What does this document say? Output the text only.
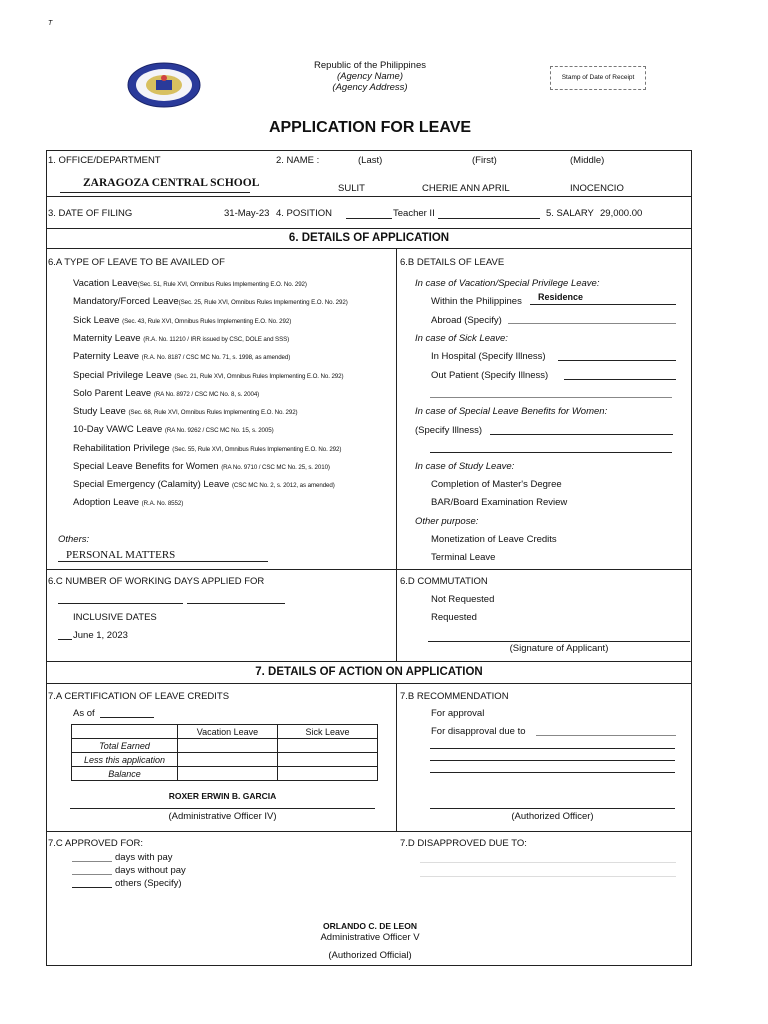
T
Republic of the Philippines
(Agency Name)
(Agency Address)
Stamp of Date of Receipt
APPLICATION FOR LEAVE
1. OFFICE/DEPARTMENT
ZARAGOZA CENTRAL SCHOOL
2. NAME :	(Last)	(First)	(Middle)
SULIT	CHERIE ANN APRIL	INOCENCIO
3. DATE OF FILING	31-May-23 4. POSITION	Teacher II	5. SALARY 29,000.00
6. DETAILS OF APPLICATION
6.A TYPE OF LEAVE TO BE AVAILED OF
Vacation Leave(Sec. 51, Rule XVI, Omnibus Rules Implementing E.O. No. 292)
Mandatory/Forced Leave(Sec. 25, Rule XVI, Omnibus Rules Implementing E.O. No. 292)
Sick Leave (Sec. 43, Rule XVI, Omnibus Rules Implementing E.O. No. 292)
Maternity Leave (R.A. No. 11210 / IRR issued by CSC, DOLE and SSS)
Paternity Leave (R.A. No. 8187 / CSC MC No. 71, s. 1998, as amended)
Special Privilege Leave (Sec. 21, Rule XVI, Omnibus Rules Implementing E.O. No. 292)
Solo Parent Leave (RA No. 8972 / CSC MC No. 8, s. 2004)
Study Leave (Sec. 68, Rule XVI, Omnibus Rules Implementing E.O. No. 292)
10-Day VAWC Leave (RA No. 9262 / CSC MC No. 15, s. 2005)
Rehabilitation Privilege (Sec. 55, Rule XVI, Omnibus Rules Implementing E.O. No. 292)
Special Leave Benefits for Women (RA No. 9710 / CSC MC No. 25, s. 2010)
Special Emergency (Calamity) Leave (CSC MC No. 2, s. 2012, as amended)
Adoption Leave (R.A. No. 8552)
Others:
PERSONAL MATTERS
6.B DETAILS OF LEAVE
In case of Vacation/Special Privilege Leave:
Within the Philippines Residence
Abroad (Specify)
In case of Sick Leave:
In Hospital (Specify Illness)
Out Patient (Specify Illness)
In case of Special Leave Benefits for Women:
(Specify Illness)
In case of Study Leave:
Completion of Master's Degree
BAR/Board Examination Review
Other purpose:
Monetization of Leave Credits
Terminal Leave
6.C NUMBER OF WORKING DAYS APPLIED FOR
INCLUSIVE DATES
June 1, 2023
6.D COMMUTATION
Not Requested
Requested
(Signature of Applicant)
7. DETAILS OF ACTION ON APPLICATION
7.A CERTIFICATION OF LEAVE CREDITS
As of
	Vacation Leave	Sick Leave
Total Earned		
Less this application		
Balance		
ROXER ERWIN B. GARCIA
(Administrative Officer IV)
7.B RECOMMENDATION
For approval
For disapproval due to
(Authorized Officer)
7.C APPROVED FOR:
days with pay
days without pay
others (Specify)
7.D DISAPPROVED DUE TO:
ORLANDO C. DE LEON
Administrative Officer V
(Authorized Official)
